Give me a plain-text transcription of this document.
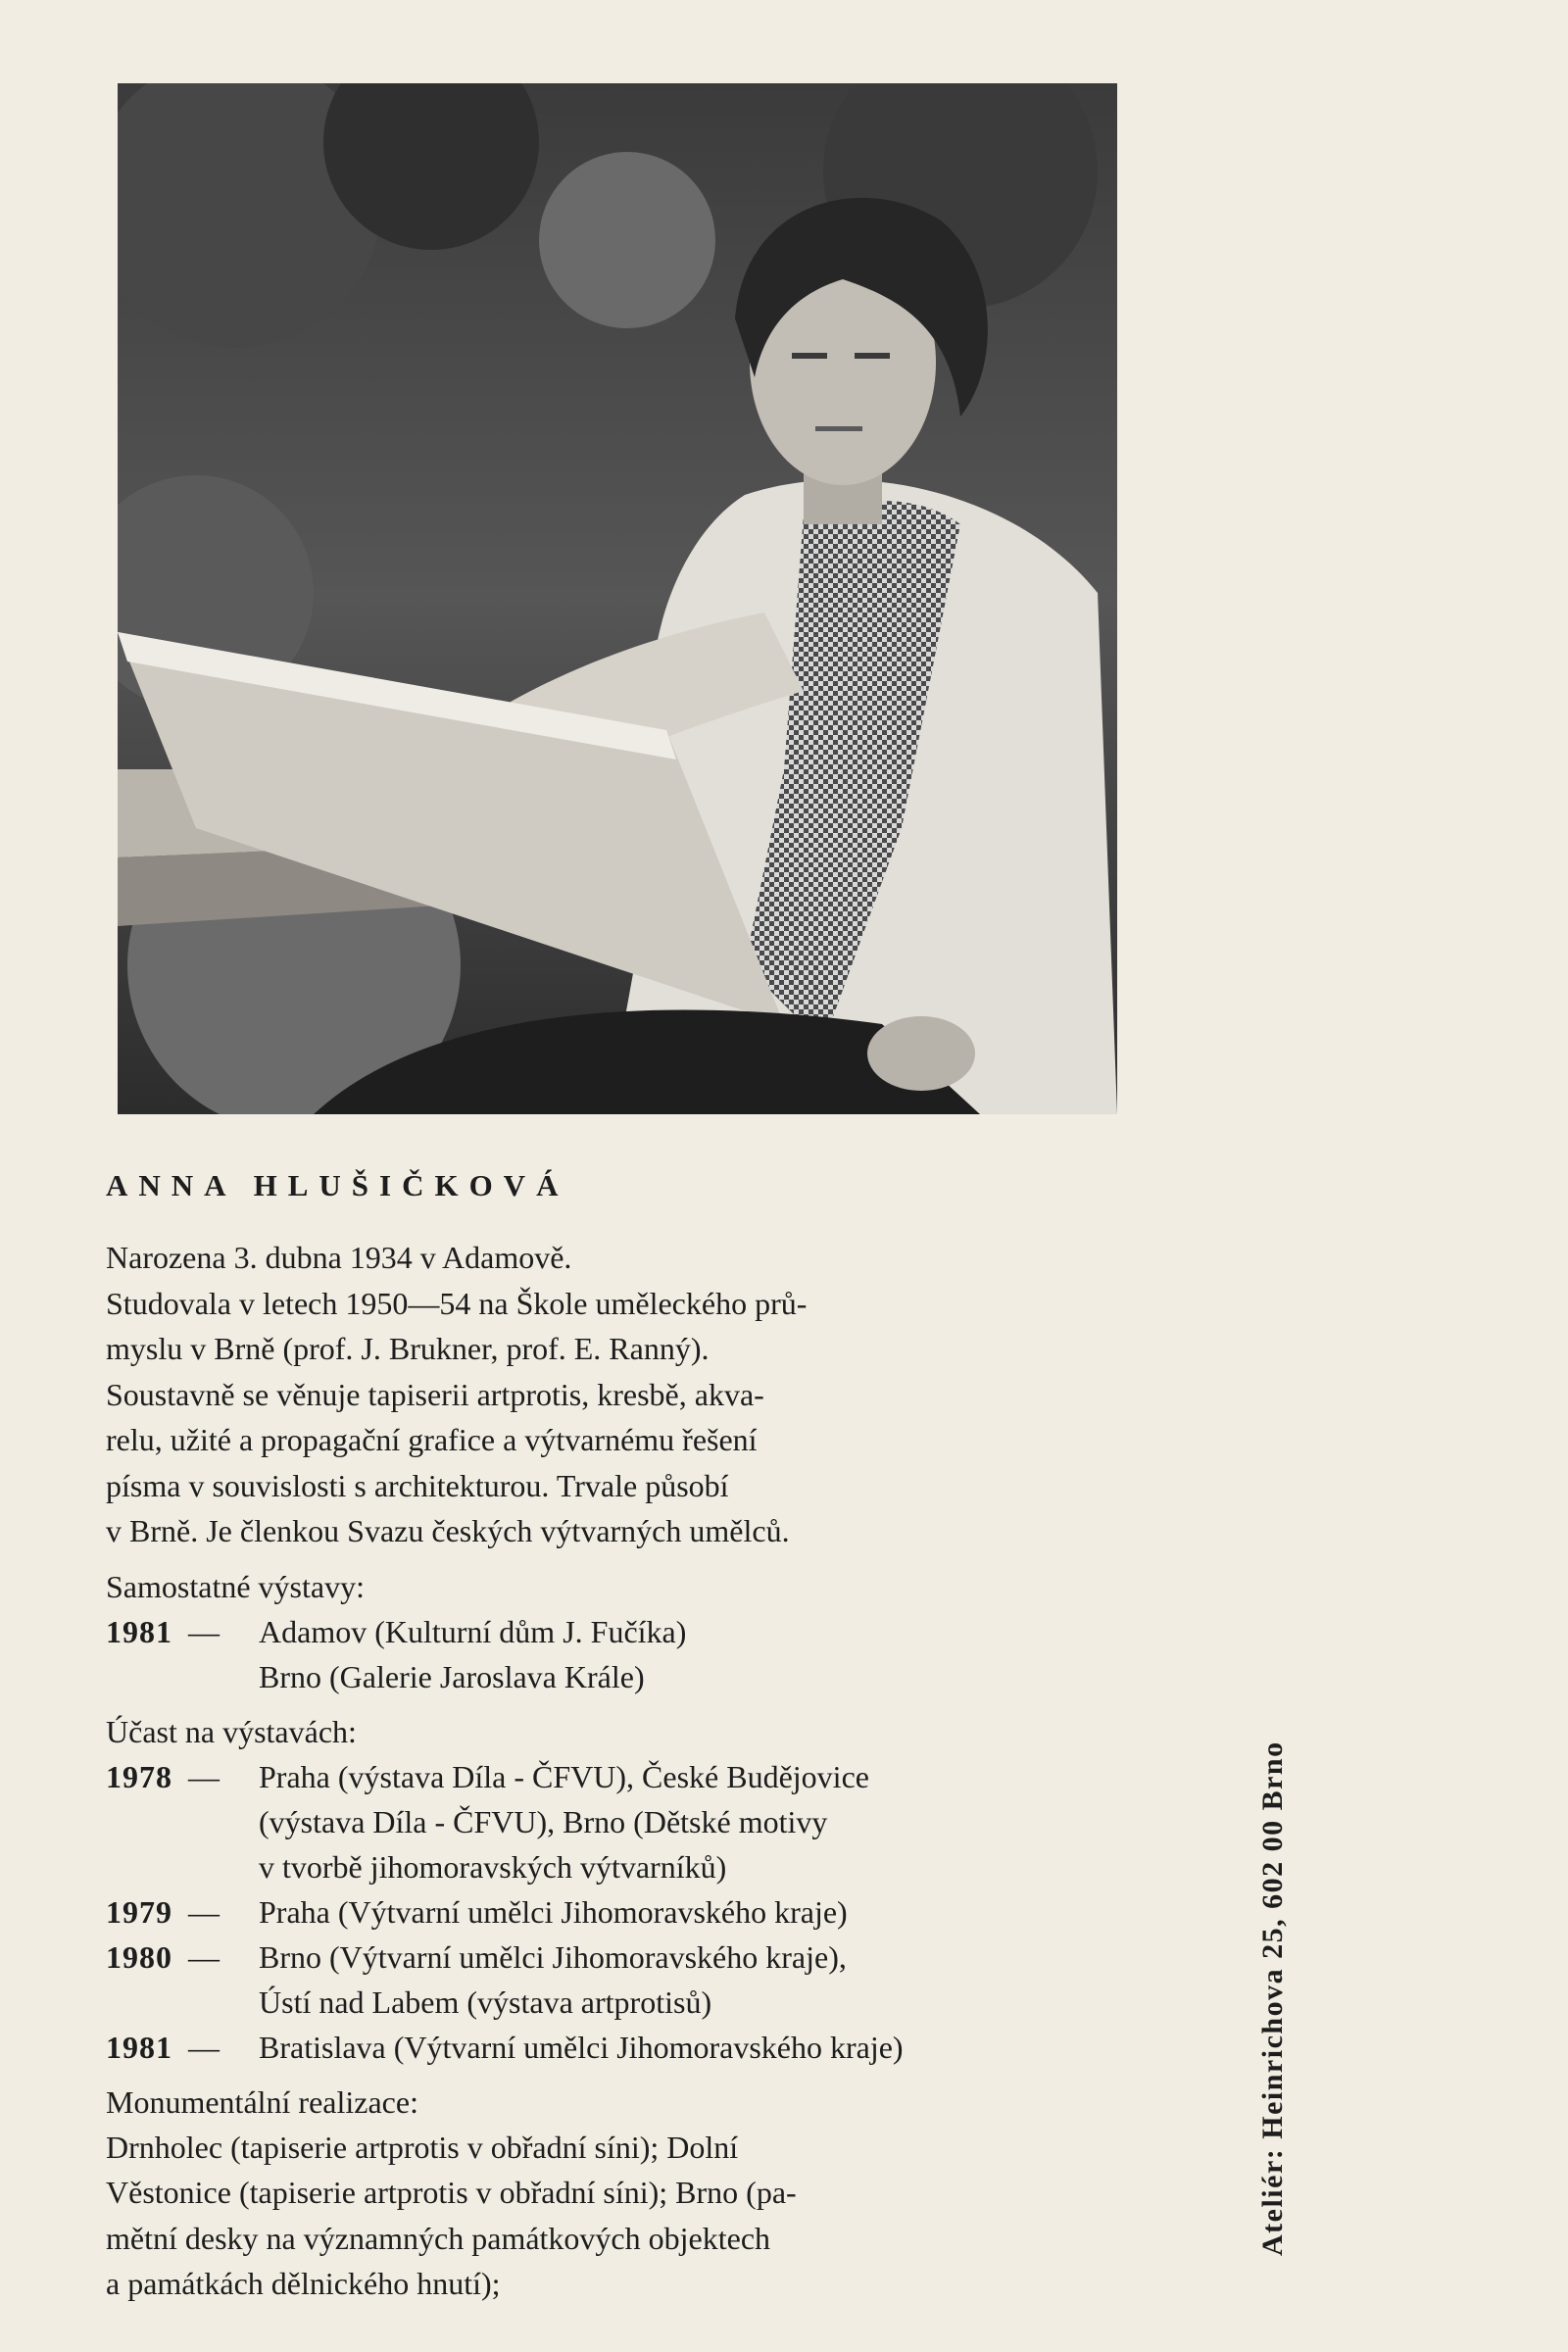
ANNA HLUŠIČKOVÁ

Narozena 3. dubna 1934 v Adamově.

Studovala v letech 1950—54 na Škole uměleckého prů-

myslu v Brně (prof. J. Brukner, prof. E. Ranný).

Soustavně se věnuje tapiserii artprotis, kresbě, akva-

relu, užité a propagační grafice a výtvarnému řešení

písma v souvislosti s architekturou. Trvale působí

v Brně. Je členkou Svazu českých výtvarných umělců.

Samostatné výstavy:
1981 — Adamov (Kulturní dům J. Fučíka)
Brno (Galerie Jaroslava Krále)
Účast na výstavách:
1978 — Praha (výstava Díla - ČFVU), České Budějovice
(výstava Díla - ČFVU), Brno (Dětské motivy
v tvorbě jihomoravských výtvarníků)
1979 — Praha (Výtvarní umělci Jihomoravského kraje)
1980 — Brno (Výtvarní umělci Jihomoravského kraje),
Ústí nad Labem (výstava artprotisů)
1981 — Bratislava (Výtvarní umělci Jihomoravského kraje)
Monumentální realizace:

Drnholec (tapiserie artprotis v obřadní síni); Dolní

Věstonice (tapiserie artprotis v obřadní síni); Brno (pa-

mětní desky na významných památkových objektech

a památkách dělnického hnutí);

Ateliér: Heinrichova 25, 602 00 Brno
